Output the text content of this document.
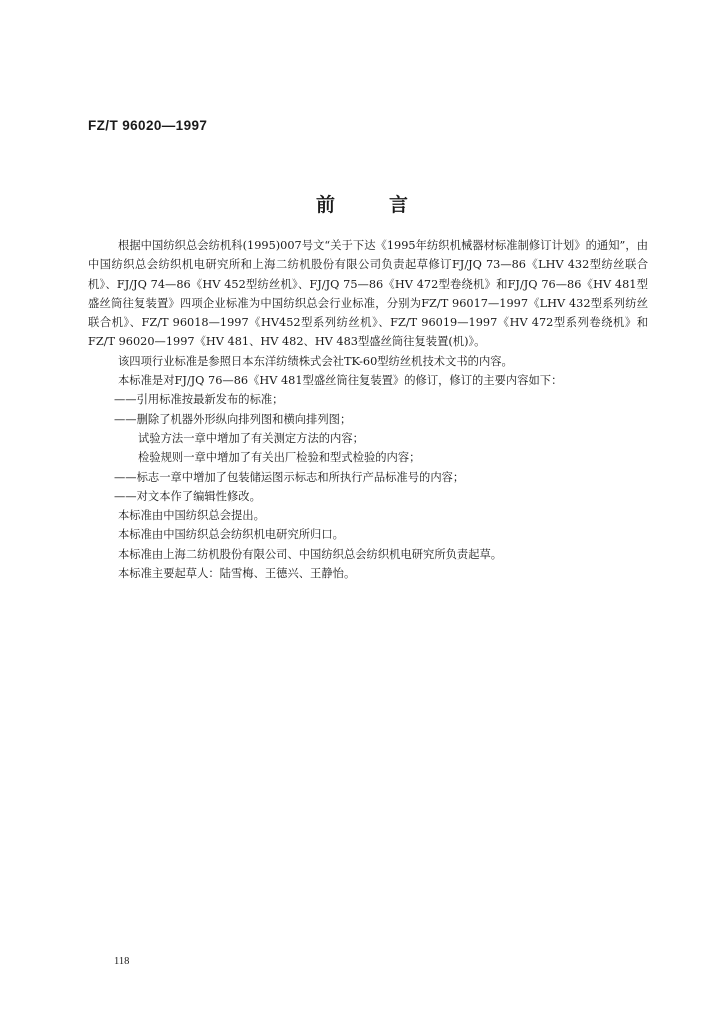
FZ/T 96020—1997
前言

根据中国纺织总会纺机科(1995)007号文“关于下达《1995年纺织机械器材标准制修订计划》的通知”，由中国纺织总会纺织机电研究所和上海二纺机股份有限公司负责起草修订FJ/JQ 73—86《LHV 432型纺丝联合机》、FJ/JQ 74—86《HV 452型纺丝机》、FJ/JQ 75—86《HV 472型卷绕机》和FJ/JQ 76—86《HV 481型盛丝筒往复装置》四项企业标准为中国纺织总会行业标准，分别为FZ/T 96017—1997《LHV 432型系列纺丝联合机》、FZ/T 96018—1997《HV452型系列纺丝机》、FZ/T 96019—1997《HV 472型系列卷绕机》和FZ/T 96020—1997《HV 481、HV 482、HV 483型盛丝筒往复装置(机)》。

该四项行业标准是参照日本东洋纺绩株式会社TK-60型纺丝机技术文书的内容。

本标准是对FJ/JQ 76—86《HV 481型盛丝筒往复装置》的修订，修订的主要内容如下：

——引用标准按最新发布的标准；

——删除了机器外形纵向排列图和横向排列图；

试验方法一章中增加了有关测定方法的内容；

检验规则一章中增加了有关出厂检验和型式检验的内容；

——标志一章中增加了包装储运图示标志和所执行产品标准号的内容；

——对文本作了编辑性修改。

本标准由中国纺织总会提出。

本标准由中国纺织总会纺织机电研究所归口。

本标准由上海二纺机股份有限公司、中国纺织总会纺织机电研究所负责起草。

本标准主要起草人：陆雪梅、王德兴、王静怡。

118
